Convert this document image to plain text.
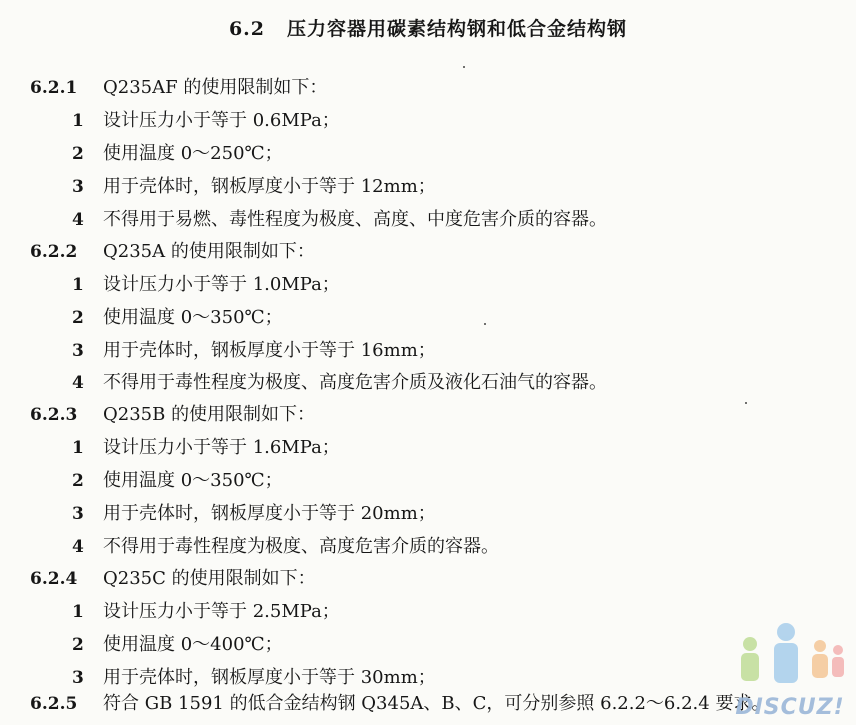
6.2 压力容器用碳素结构钢和低合金结构钢
6.2.1 Q235AF 的使用限制如下：
1 设计压力小于等于 0.6MPa；
2 使用温度 0～250℃；
3 用于壳体时，钢板厚度小于等于 12mm；
4 不得用于易燃、毒性程度为极度、高度、中度危害介质的容器。
6.2.2 Q235A 的使用限制如下：
1 设计压力小于等于 1.0MPa；
2 使用温度 0～350℃；
3 用于壳体时，钢板厚度小于等于 16mm；
4 不得用于毒性程度为极度、高度危害介质及液化石油气的容器。
6.2.3 Q235B 的使用限制如下：
1 设计压力小于等于 1.6MPa；
2 使用温度 0～350℃；
3 用于壳体时，钢板厚度小于等于 20mm；
4 不得用于毒性程度为极度、高度危害介质的容器。
6.2.4 Q235C 的使用限制如下：
1 设计压力小于等于 2.5MPa；
2 使用温度 0～400℃；
3 用于壳体时，钢板厚度小于等于 30mm；
6.2.5 符合 GB 1591 的低合金结构钢 Q345A、B、C，可分别参照 6.2.2～6.2.4 要求。
DISCUZ!
